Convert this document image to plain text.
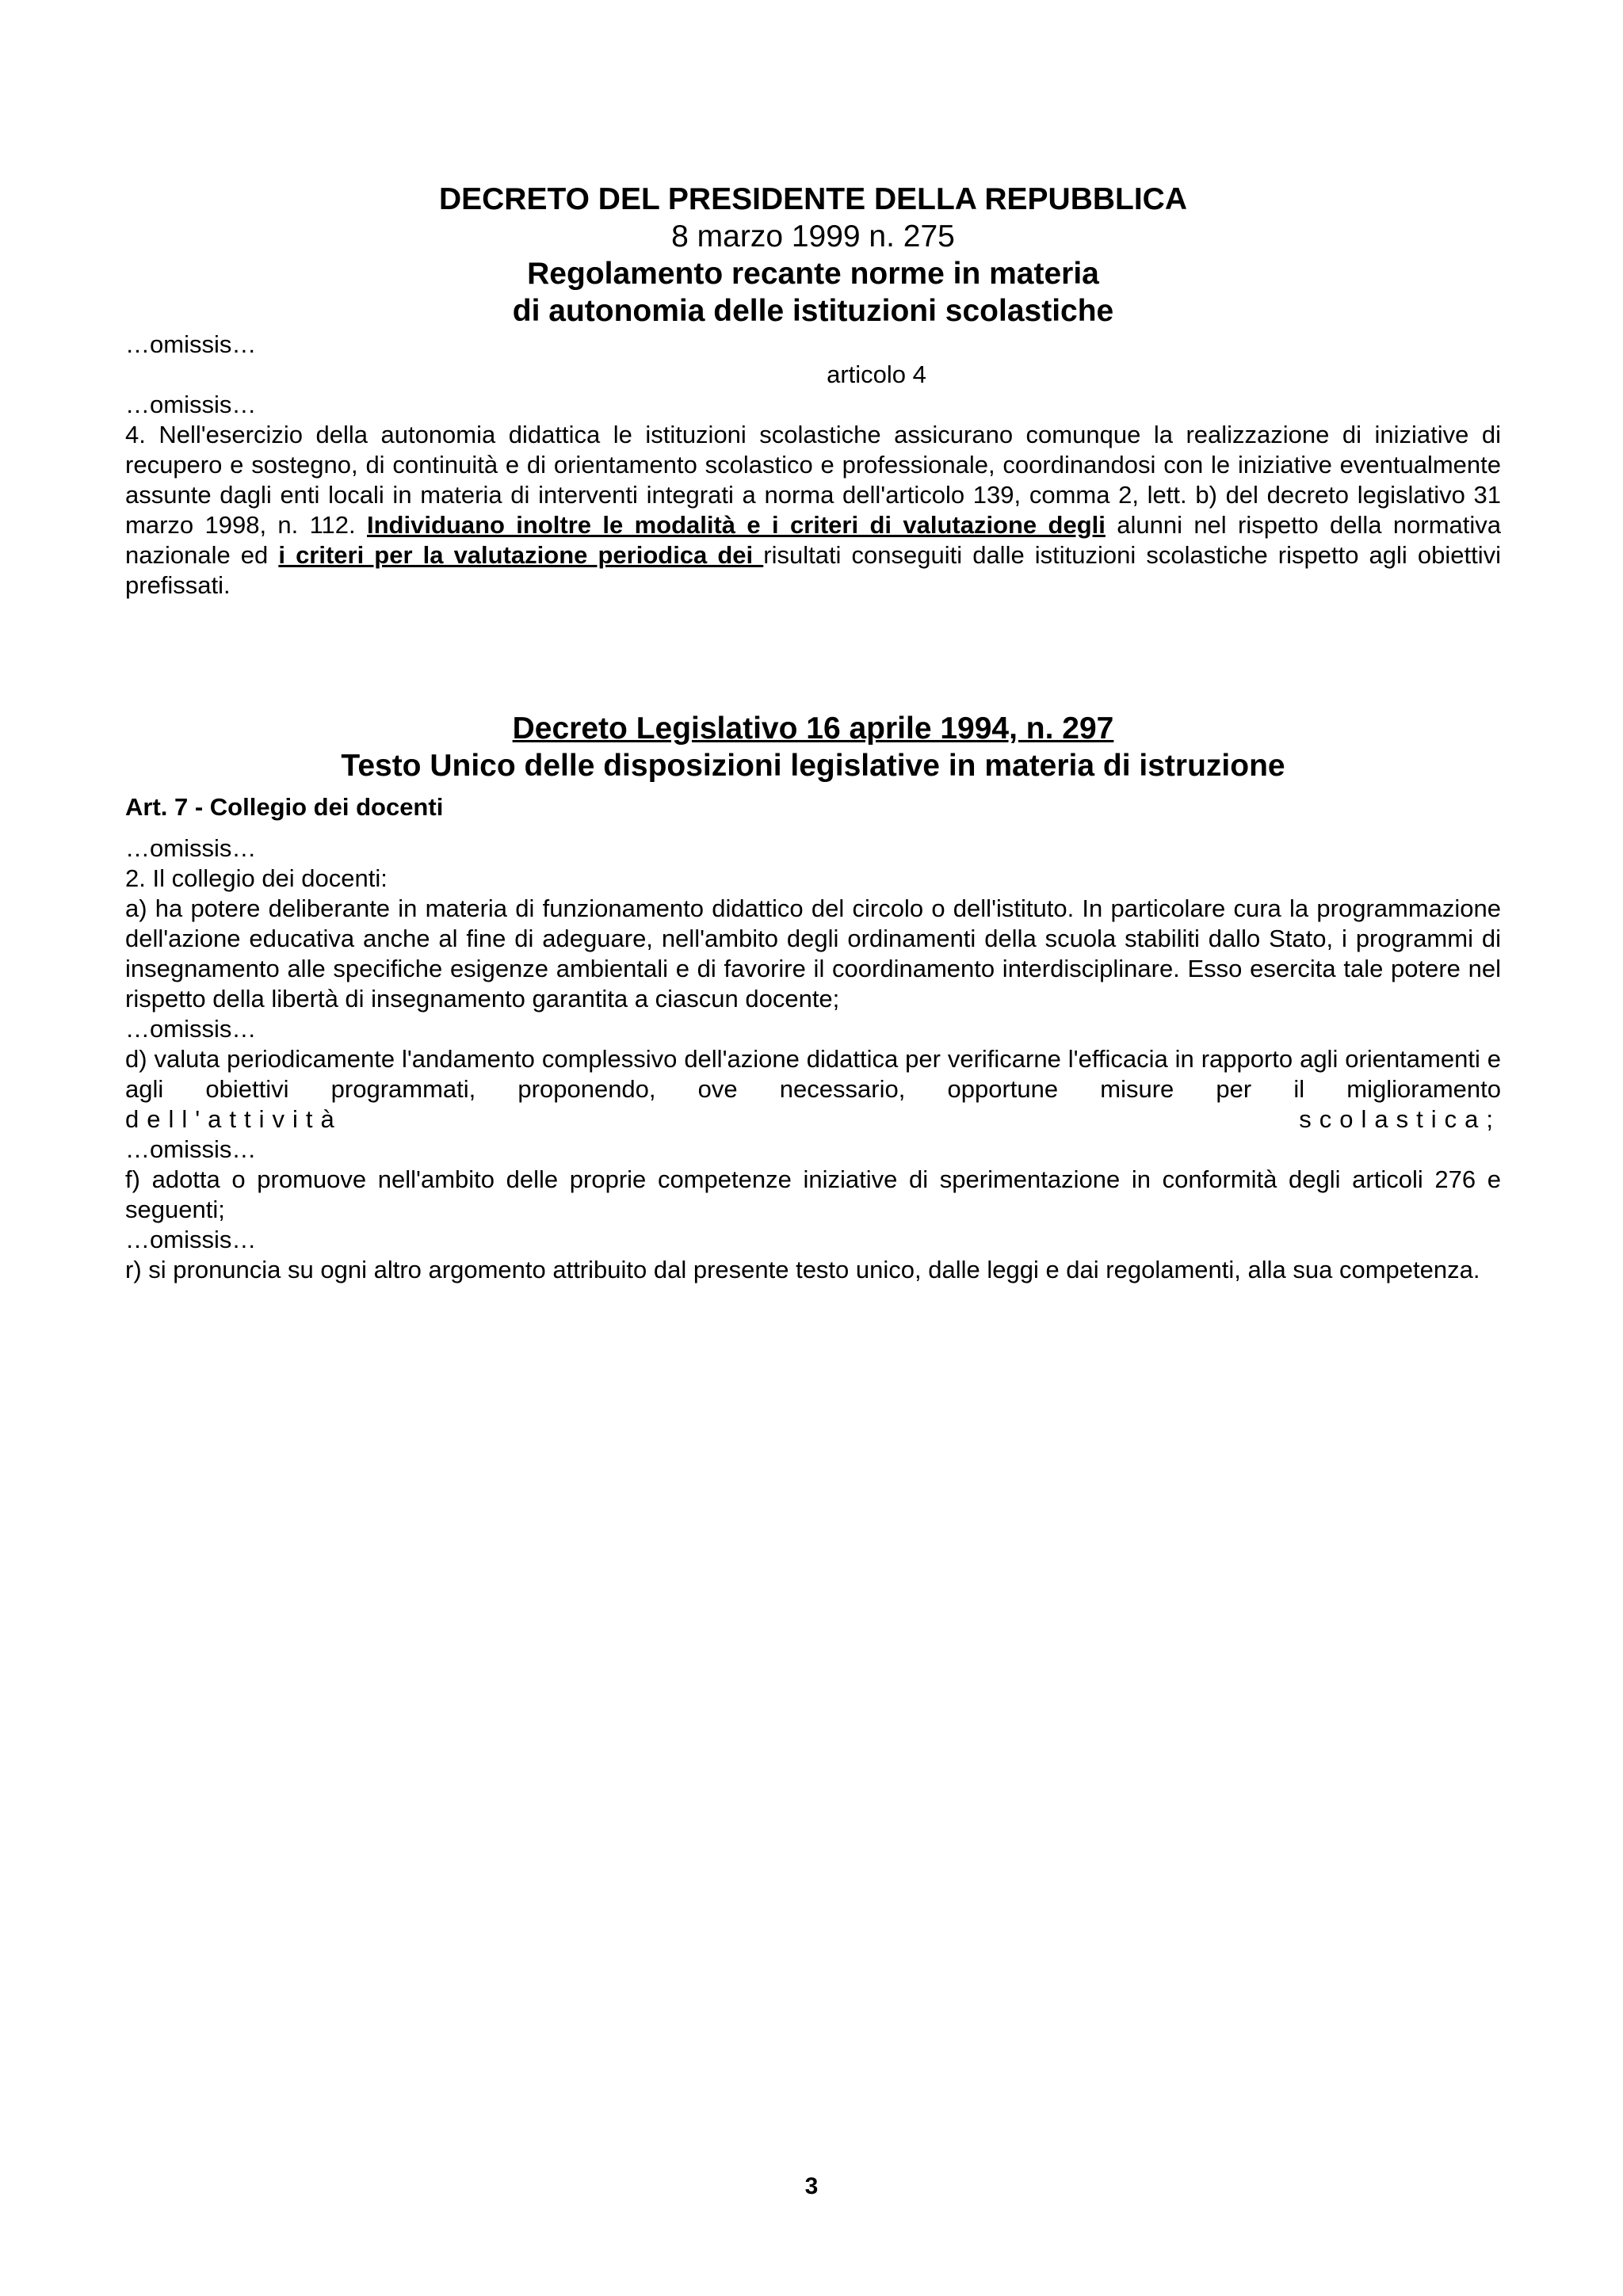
DECRETO DEL PRESIDENTE DELLA REPUBBLICA
8 marzo 1999 n. 275
Regolamento recante norme in materia
di autonomia delle istituzioni scolastiche
…omissis…
articolo 4
…omissis…
4. Nell'esercizio della autonomia didattica le istituzioni scolastiche assicurano comunque la realizzazione di iniziative di recupero e sostegno, di continuità e di orientamento scolastico e professionale, coordinandosi con le iniziative eventualmente assunte dagli enti locali in materia di interventi integrati a norma dell'articolo 139, comma 2, lett. b) del decreto legislativo 31 marzo 1998, n. 112. Individuano inoltre le modalità e i criteri di valutazione degli alunni nel rispetto della normativa nazionale ed i criteri per la valutazione periodica dei risultati conseguiti dalle istituzioni scolastiche rispetto agli obiettivi prefissati.
Decreto Legislativo 16 aprile 1994, n. 297
Testo Unico delle disposizioni legislative in materia di istruzione
Art. 7 - Collegio dei docenti
…omissis…
2. Il collegio dei docenti:
a) ha potere deliberante in materia di funzionamento didattico del circolo o dell'istituto. In particolare cura la programmazione dell'azione educativa anche al fine di adeguare, nell'ambito degli ordinamenti della scuola stabiliti dallo Stato, i programmi di insegnamento alle specifiche esigenze ambientali e di favorire il coordinamento interdisciplinare. Esso esercita tale potere nel rispetto della libertà di insegnamento garantita a ciascun docente;
…omissis…
d) valuta periodicamente l'andamento complessivo dell'azione didattica per verificarne l'efficacia in rapporto agli orientamenti e agli obiettivi programmati, proponendo, ove necessario, opportune misure per il miglioramento
dell'attività	scolastica;
…omissis…
f) adotta o promuove nell'ambito delle proprie competenze iniziative di sperimentazione in conformità degli articoli 276 e seguenti;
…omissis…
r) si pronuncia su ogni altro argomento attribuito dal presente testo unico, dalle leggi e dai regolamenti, alla sua competenza.
3
